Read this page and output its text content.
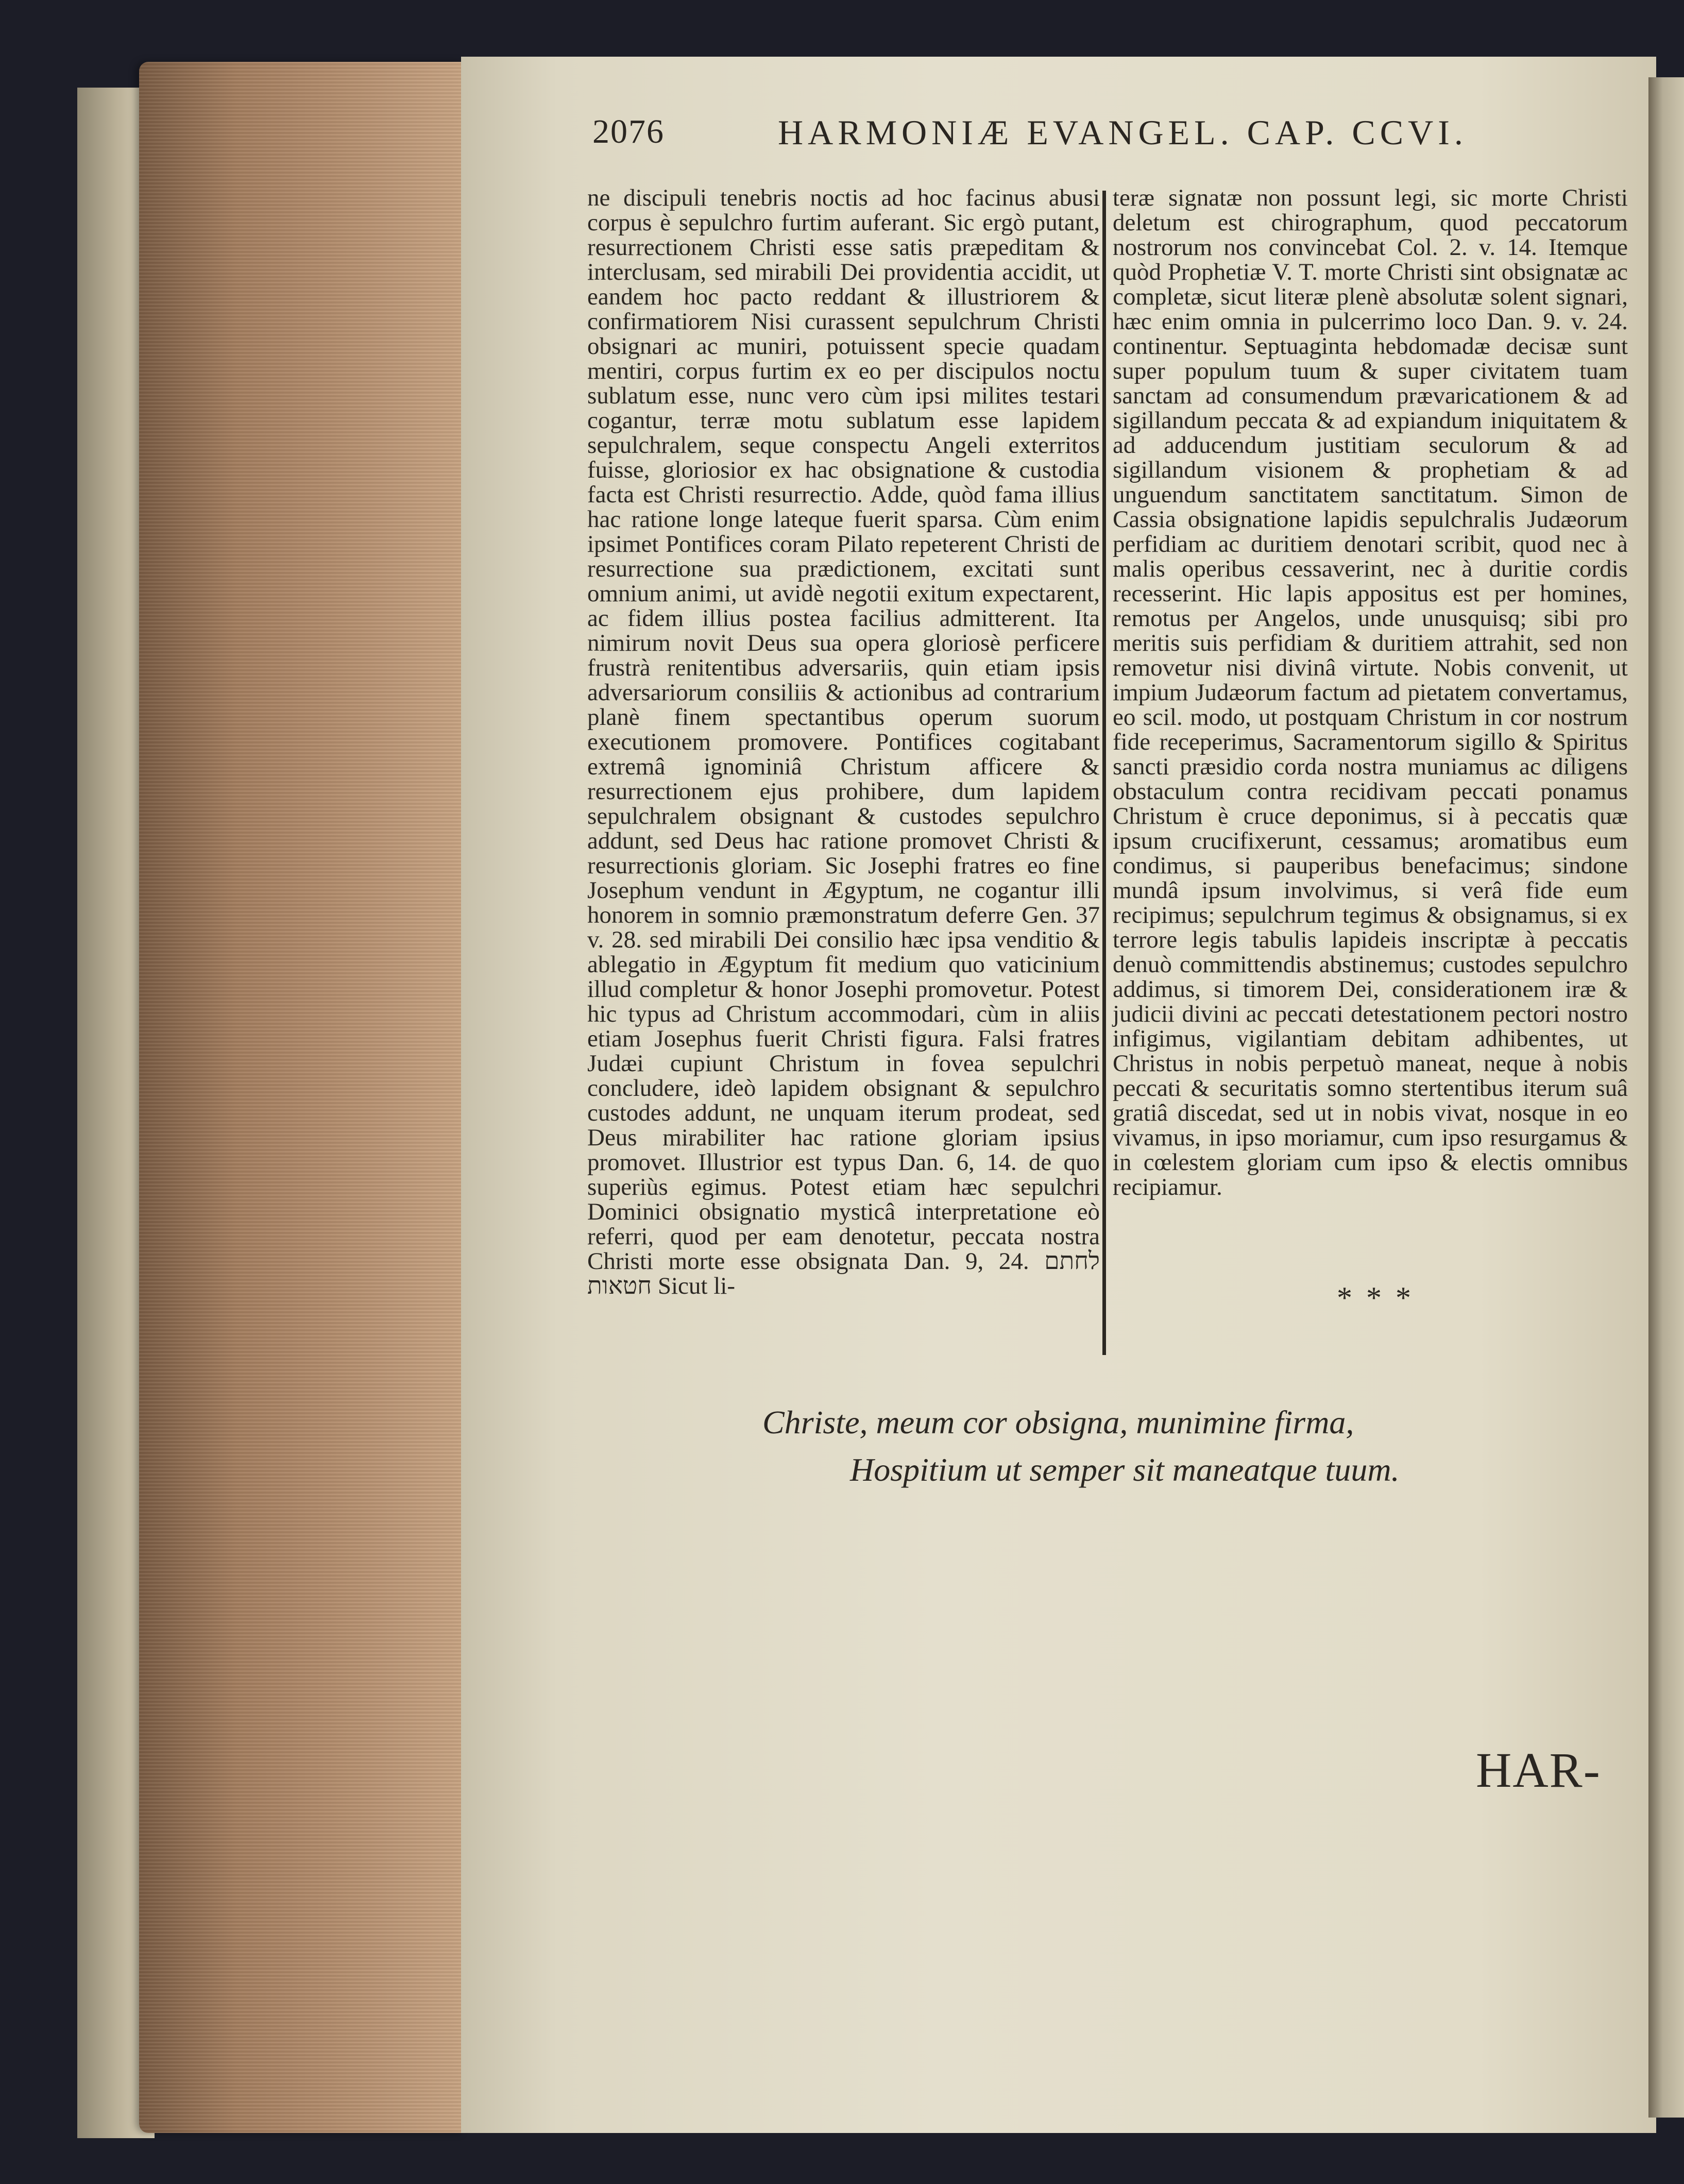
2076	HARMONIÆ EVANGEL. CAP. CCVI.

ne discipuli tenebris noctis ad hoc facinus abusi corpus è sepulchro furtim auferant. Sic ergò putant, resurrectionem Christi esse satis præpeditam & interclusam, sed mirabili Dei providentia accidit, ut eandem hoc pacto reddant & illustriorem & confirmatiorem Nisi curassent sepulchrum Christi obsignari ac muniri, potuissent specie quadam mentiri, corpus furtim ex eo per discipulos noctu sublatum esse, nunc vero cùm ipsi milites testari cogantur, terræ motu sublatum esse lapidem sepulchralem, seque conspectu Angeli exterritos fuisse, gloriosior ex hac obsignatione & custodia facta est Christi resurrectio. Adde, quòd fama illius hac ratione longe lateque fuerit sparsa. Cùm enim ipsimet Pontifices coram Pilato repeterent Christi de resurrectione sua prædictionem, excitati sunt omnium animi, ut avidè negotii exitum expectarent, ac fidem illius postea facilius admitterent. Ita nimirum novit Deus sua opera gloriosè perficere frustrà renitentibus adversariis, quin etiam ipsis adversariorum consiliis & actionibus ad contrarium planè finem spectantibus operum suorum executionem promovere. Pontifices cogitabant extremâ ignominiâ Christum afficere & resurrectionem ejus prohibere, dum lapidem sepulchralem obsignant & custodes sepulchro addunt, sed Deus hac ratione promovet Christi & resurrectionis gloriam. Sic Josephi fratres eo fine Josephum vendunt in Ægyptum, ne cogantur illi honorem in somnio præmonstratum deferre Gen. 37 v. 28. sed mirabili Dei consilio hæc ipsa venditio & ablegatio in Ægyptum fit medium quo vaticinium illud completur & honor Josephi promovetur. Potest hic typus ad Christum accommodari, cùm in aliis etiam Josephus fuerit Christi figura. Falsi fratres Judæi cupiunt Christum in fovea sepulchri concludere, ideò lapidem obsignant & sepulchro custodes addunt, ne unquam iterum prodeat, sed Deus mirabiliter hac ratione gloriam ipsius promovet. Illustrior est typus Dan. 6, 14. de quo superiùs egimus. Potest etiam hæc sepulchri Dominici obsignatio mysticâ interpretatione eò referri, quod per eam denotetur, peccata nostra Christi morte esse obsignata Dan. 9, 24. לחתם חטאות Sicut li-

teræ signatæ non possunt legi, sic morte Christi deletum est chirographum, quod peccatorum nostrorum nos convincebat Col. 2. v. 14. Itemque quòd Prophetiæ V. T. morte Christi sint obsignatæ ac completæ, sicut literæ plenè absolutæ solent signari, hæc enim omnia in pulcerrimo loco Dan. 9. v. 24. continentur. Septuaginta hebdomadæ decisæ sunt super populum tuum & super civitatem tuam sanctam ad consumendum prævaricationem & ad sigillandum peccata & ad expiandum iniquitatem & ad adducendum justitiam seculorum & ad sigillandum visionem & prophetiam & ad unguendum sanctitatem sanctitatum. Simon de Cassia obsignatione lapidis sepulchralis Judæorum perfidiam ac duritiem denotari scribit, quod nec à malis operibus cessaverint, nec à duritie cordis recesserint. Hic lapis appositus est per homines, remotus per Angelos, unde unusquisq; sibi pro meritis suis perfidiam & duritiem attrahit, sed non removetur nisi divinâ virtute. Nobis convenit, ut impium Judæorum factum ad pietatem convertamus, eo scil. modo, ut postquam Christum in cor nostrum fide receperimus, Sacramentorum sigillo & Spiritus sancti præsidio corda nostra muniamus ac diligens obstaculum contra recidivam peccati ponamus Christum è cruce deponimus, si à peccatis quæ ipsum crucifixerunt, cessamus; aromatibus eum condimus, si pauperibus benefacimus; sindone mundâ ipsum involvimus, si verâ fide eum recipimus; sepulchrum tegimus & obsignamus, si ex terrore legis tabulis lapideis inscriptæ à peccatis denuò committendis abstinemus; custodes sepulchro addimus, si timorem Dei, considerationem iræ & judicii divini ac peccati detestationem pectori nostro infigimus, vigilantiam debitam adhibentes, ut Christus in nobis perpetuò maneat, neque à nobis peccati & securitatis somno stertentibus iterum suâ gratiâ discedat, sed ut in nobis vivat, nosque in eo vivamus, in ipso moriamur, cum ipso resurgamus & in cœlestem gloriam cum ipso & electis omnibus recipiamur.

* * *
Christe, meum cor obsigna, munimine firma,
Hospitium ut semper sit maneatque tuum.
HAR-
